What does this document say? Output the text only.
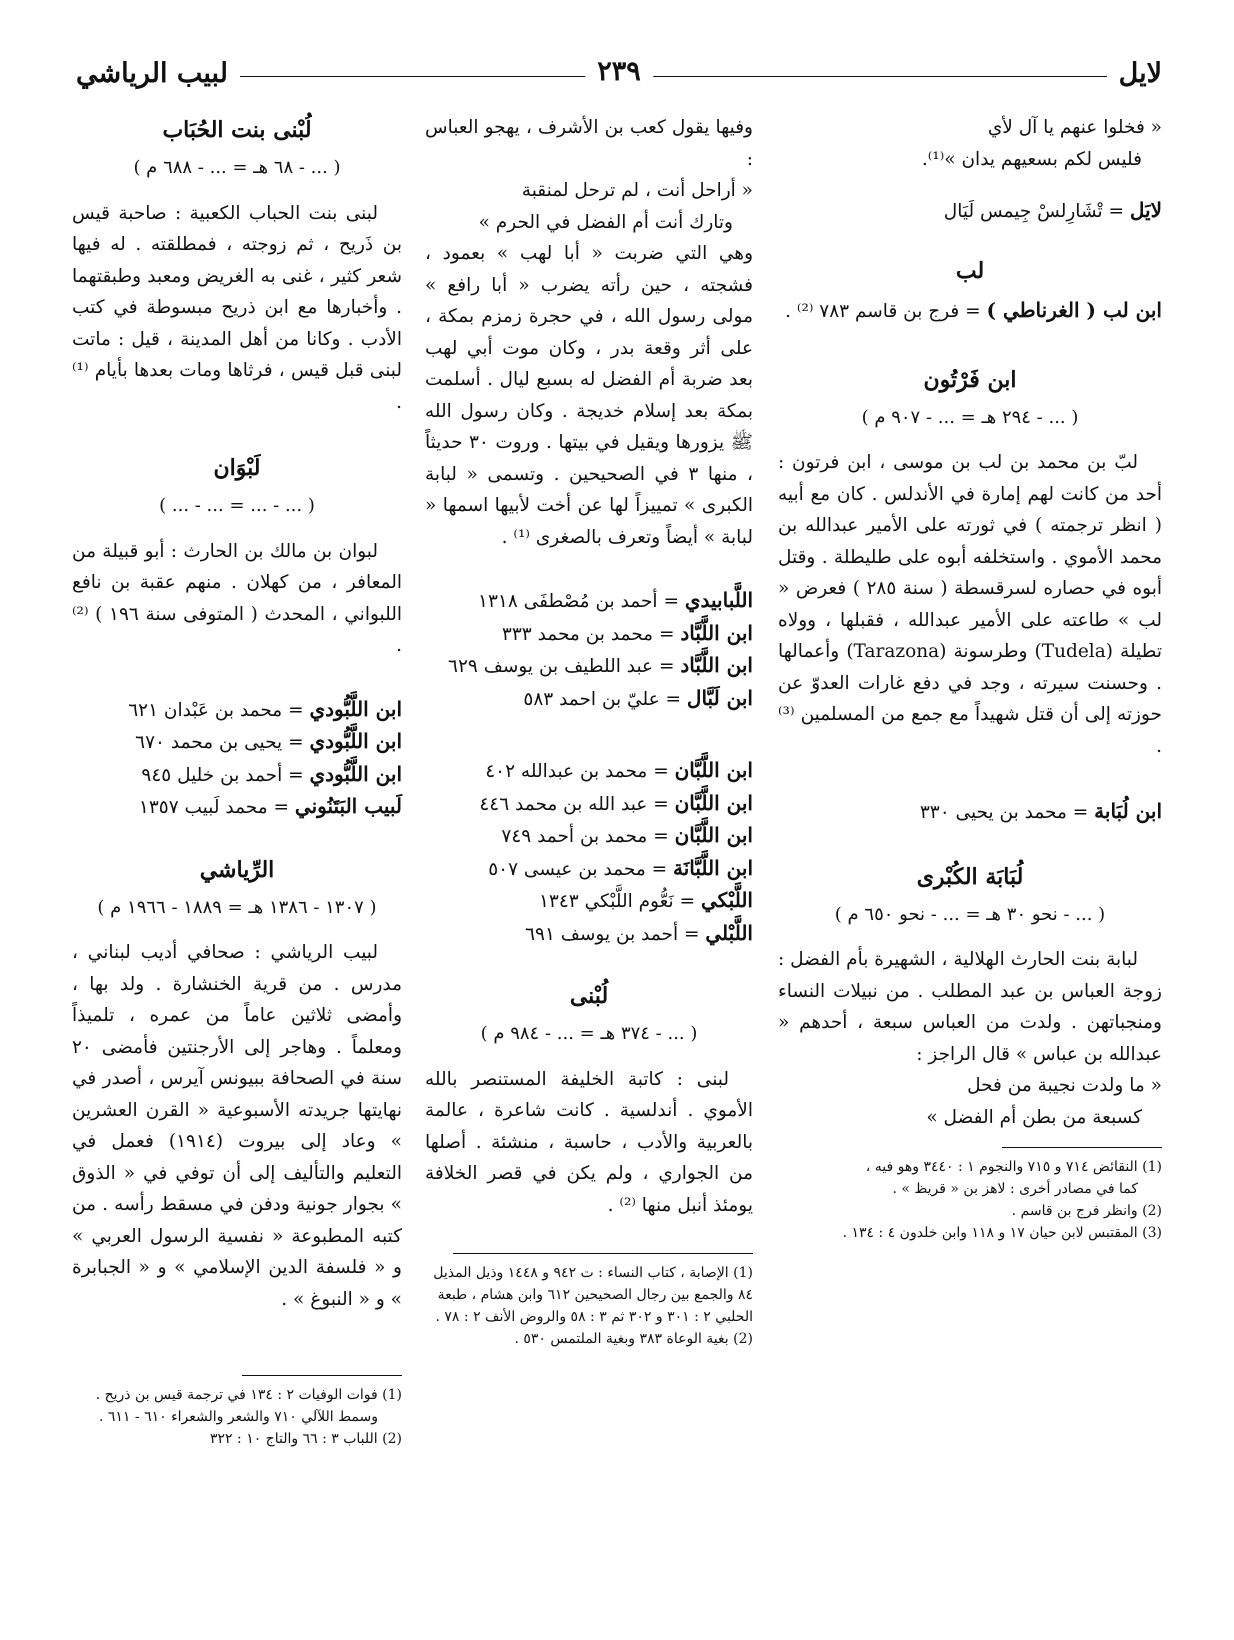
لايل
٢٣٩
لبيب الرياشي

« فخلوا عنهم يا آل لأي

فليس لكم بسعيهم يدان »⁽¹⁾.

لايَل = تْشَارِلسْ جِيمس لَيَال

لب

ابن لب ( الغرناطي ) = فرج بن قاسم ٧٨٣ ⁽²⁾ .

ابن فَرْتُون
( ... - ٢٩٤ هـ = ... - ٩٠٧ م )

لبّ بن محمد بن لب بن موسى ، ابن فرتون : أحد من كانت لهم إمارة في الأندلس . كان مع أبيه ( انظر ترجمته ) في ثورته على الأمير عبدالله بن محمد الأموي . واستخلفه أبوه على طليطلة . وقتل أبوه في حصاره لسرقسطة ( سنة ٢٨٥ ) فعرض « لب » طاعته على الأمير عبدالله ، فقبلها ، وولاه تطيلة (Tudela) وطرسونة (Tarazona) وأعمالها . وحسنت سيرته ، وجد في دفع غارات العدوّ عن حوزته إلى أن قتل شهيداً مع جمع من المسلمين ⁽³⁾ .

ابن لُبَابة = محمد بن يحيى ٣٣٠

لُبَابَة الكُبْرى
( ... - نحو ٣٠ هـ = ... - نحو ٦٥٠ م )

لبابة بنت الحارث الهلالية ، الشهيرة بأم الفضل : زوجة العباس بن عبد المطلب . من نبيلات النساء ومنجباتهن . ولدت من العباس سبعة ، أحدهم « عبدالله بن عباس » قال الراجز :

« ما ولدت نجيبة من فحل

كسبعة من بطن أم الفضل »

(1) النقائض ٧١٤ و ٧١٥ والنجوم ١ : ٣٤٤٠ وهو فيه ،

كما في مصادر أخرى : لاهز بن « قريظ » .

(2) وانظر فرج بن قاسم .

(3) المقتبس لابن حيان ١٧ و ١١٨ وابن خلدون ٤ : ١٣٤ .

وفيها يقول كعب بن الأشرف ، يهجو العباس :

« أراحل أنت ، لم ترحل لمنقبة

وتارك أنت أم الفضل في الحرم »

وهي التي ضربت « أبا لهب » بعمود ، فشجته ، حين رأته يضرب « أبا رافع » مولى رسول الله ، في حجرة زمزم بمكة ، على أثر وقعة بدر ، وكان موت أبي لهب بعد ضربة أم الفضل له بسبع ليال . أسلمت بمكة بعد إسلام خديجة . وكان رسول الله ﷺ يزورها ويقيل في بيتها . وروت ٣٠ حديثاً ، منها ٣ في الصحيحين . وتسمى « لبابة الكبرى » تمييزاً لها عن أخت لأبيها اسمها « لبابة » أيضاً وتعرف بالصغرى ⁽¹⁾ .

اللَّبابيدي = أحمد بن مُصْطفَى ١٣١٨

ابن اللَّبَّاد = محمد بن محمد ٣٣٣

ابن اللَّبَّاد = عبد اللطيف بن يوسف ٦٢٩

ابن لَبَّال = عليّ بن احمد ٥٨٣

ابن اللَّبَّان = محمد بن عبدالله ٤٠٢

ابن اللَّبَّان = عبد الله بن محمد ٤٤٦

ابن اللَّبَّان = محمد بن أحمد ٧٤٩

ابن اللَّبَّانَة = محمد بن عيسى ٥٠٧

اللَّبْكي = نَعُّوم اللَّبْكي ١٣٤٣

اللَّبْلي = أحمد بن يوسف ٦٩١

لُبْنى
( ... - ٣٧٤ هـ = ... - ٩٨٤ م )

لبنى : كاتبة الخليفة المستنصر بالله الأموي . أندلسية . كانت شاعرة ، عالمة بالعربية والأدب ، حاسبة ، منشئة . أصلها من الجواري ، ولم يكن في قصر الخلافة يومئذ أنبل منها ⁽²⁾ .

(1) الإصابة ، كتاب النساء : ت ٩٤٢ و ١٤٤٨ وذيل المذيل ٨٤ والجمع بين رجال الصحيحين ٦١٢ وابن هشام ، طبعة الحلبي ٢ : ٣٠١ و ٣٠٢ ثم ٣ : ٥٨ والروض الأنف ٢ : ٧٨ .

(2) بغية الوعاة ٣٨٣ وبغية الملتمس ٥٣٠ .

لُبْنى بنت الحُبَاب
( ... - ٦٨ هـ = ... - ٦٨٨ م )

لبنى بنت الحباب الكعبية : صاحبة قيس بن ذَريح ، ثم زوجته ، فمطلقته . له فيها شعر كثير ، غنى به الغريض ومعبد وطبقتهما . وأخبارها مع ابن ذريح مبسوطة في كتب الأدب . وكانا من أهل المدينة ، قيل : ماتت لبنى قبل قيس ، فرثاها ومات بعدها بأيام ⁽¹⁾ .

لَبْوَان
( ... - ... = ... - ... )

لبوان بن مالك بن الحارث : أبو قبيلة من المعافر ، من كهلان . منهم عقبة بن نافع اللبواني ، المحدث ( المتوفى سنة ١٩٦ ) ⁽²⁾ .

ابن اللَّبُّودي = محمد بن عَبْدان ٦٢١

ابن اللَّبُّودي = يحيى بن محمد ٦٧٠

ابن اللَّبُّودي = أحمد بن خليل ٩٤٥

لَبيب البَتَنُوني = محمد لَبيب ١٣٥٧

الرِّياشي
( ١٣٠٧ - ١٣٨٦ هـ = ١٨٨٩ - ١٩٦٦ م )

لبيب الرياشي : صحافي أديب لبناني ، مدرس . من قرية الخنشارة . ولد بها ، وأمضى ثلاثين عاماً من عمره ، تلميذاً ومعلماً . وهاجر إلى الأرجنتين فأمضى ٢٠ سنة في الصحافة ببيونس آيرس ، أصدر في نهايتها جريدته الأسبوعية « القرن العشرين » وعاد إلى بيروت (١٩١٤) فعمل في التعليم والتأليف إلى أن توفي في « الذوق » بجوار جونية ودفن في مسقط رأسه . من كتبه المطبوعة « نفسية الرسول العربي » و « فلسفة الدين الإسلامي » و « الجبابرة » و « النبوغ » .

(1) فوات الوفيات ٢ : ١٣٤ في ترجمة قيس بن ذريح .

وسمط اللآلي ٧١٠ والشعر والشعراء ٦١٠ - ٦١١ .

(2) اللباب ٣ : ٦٦ والتاج ١٠ : ٣٢٢
